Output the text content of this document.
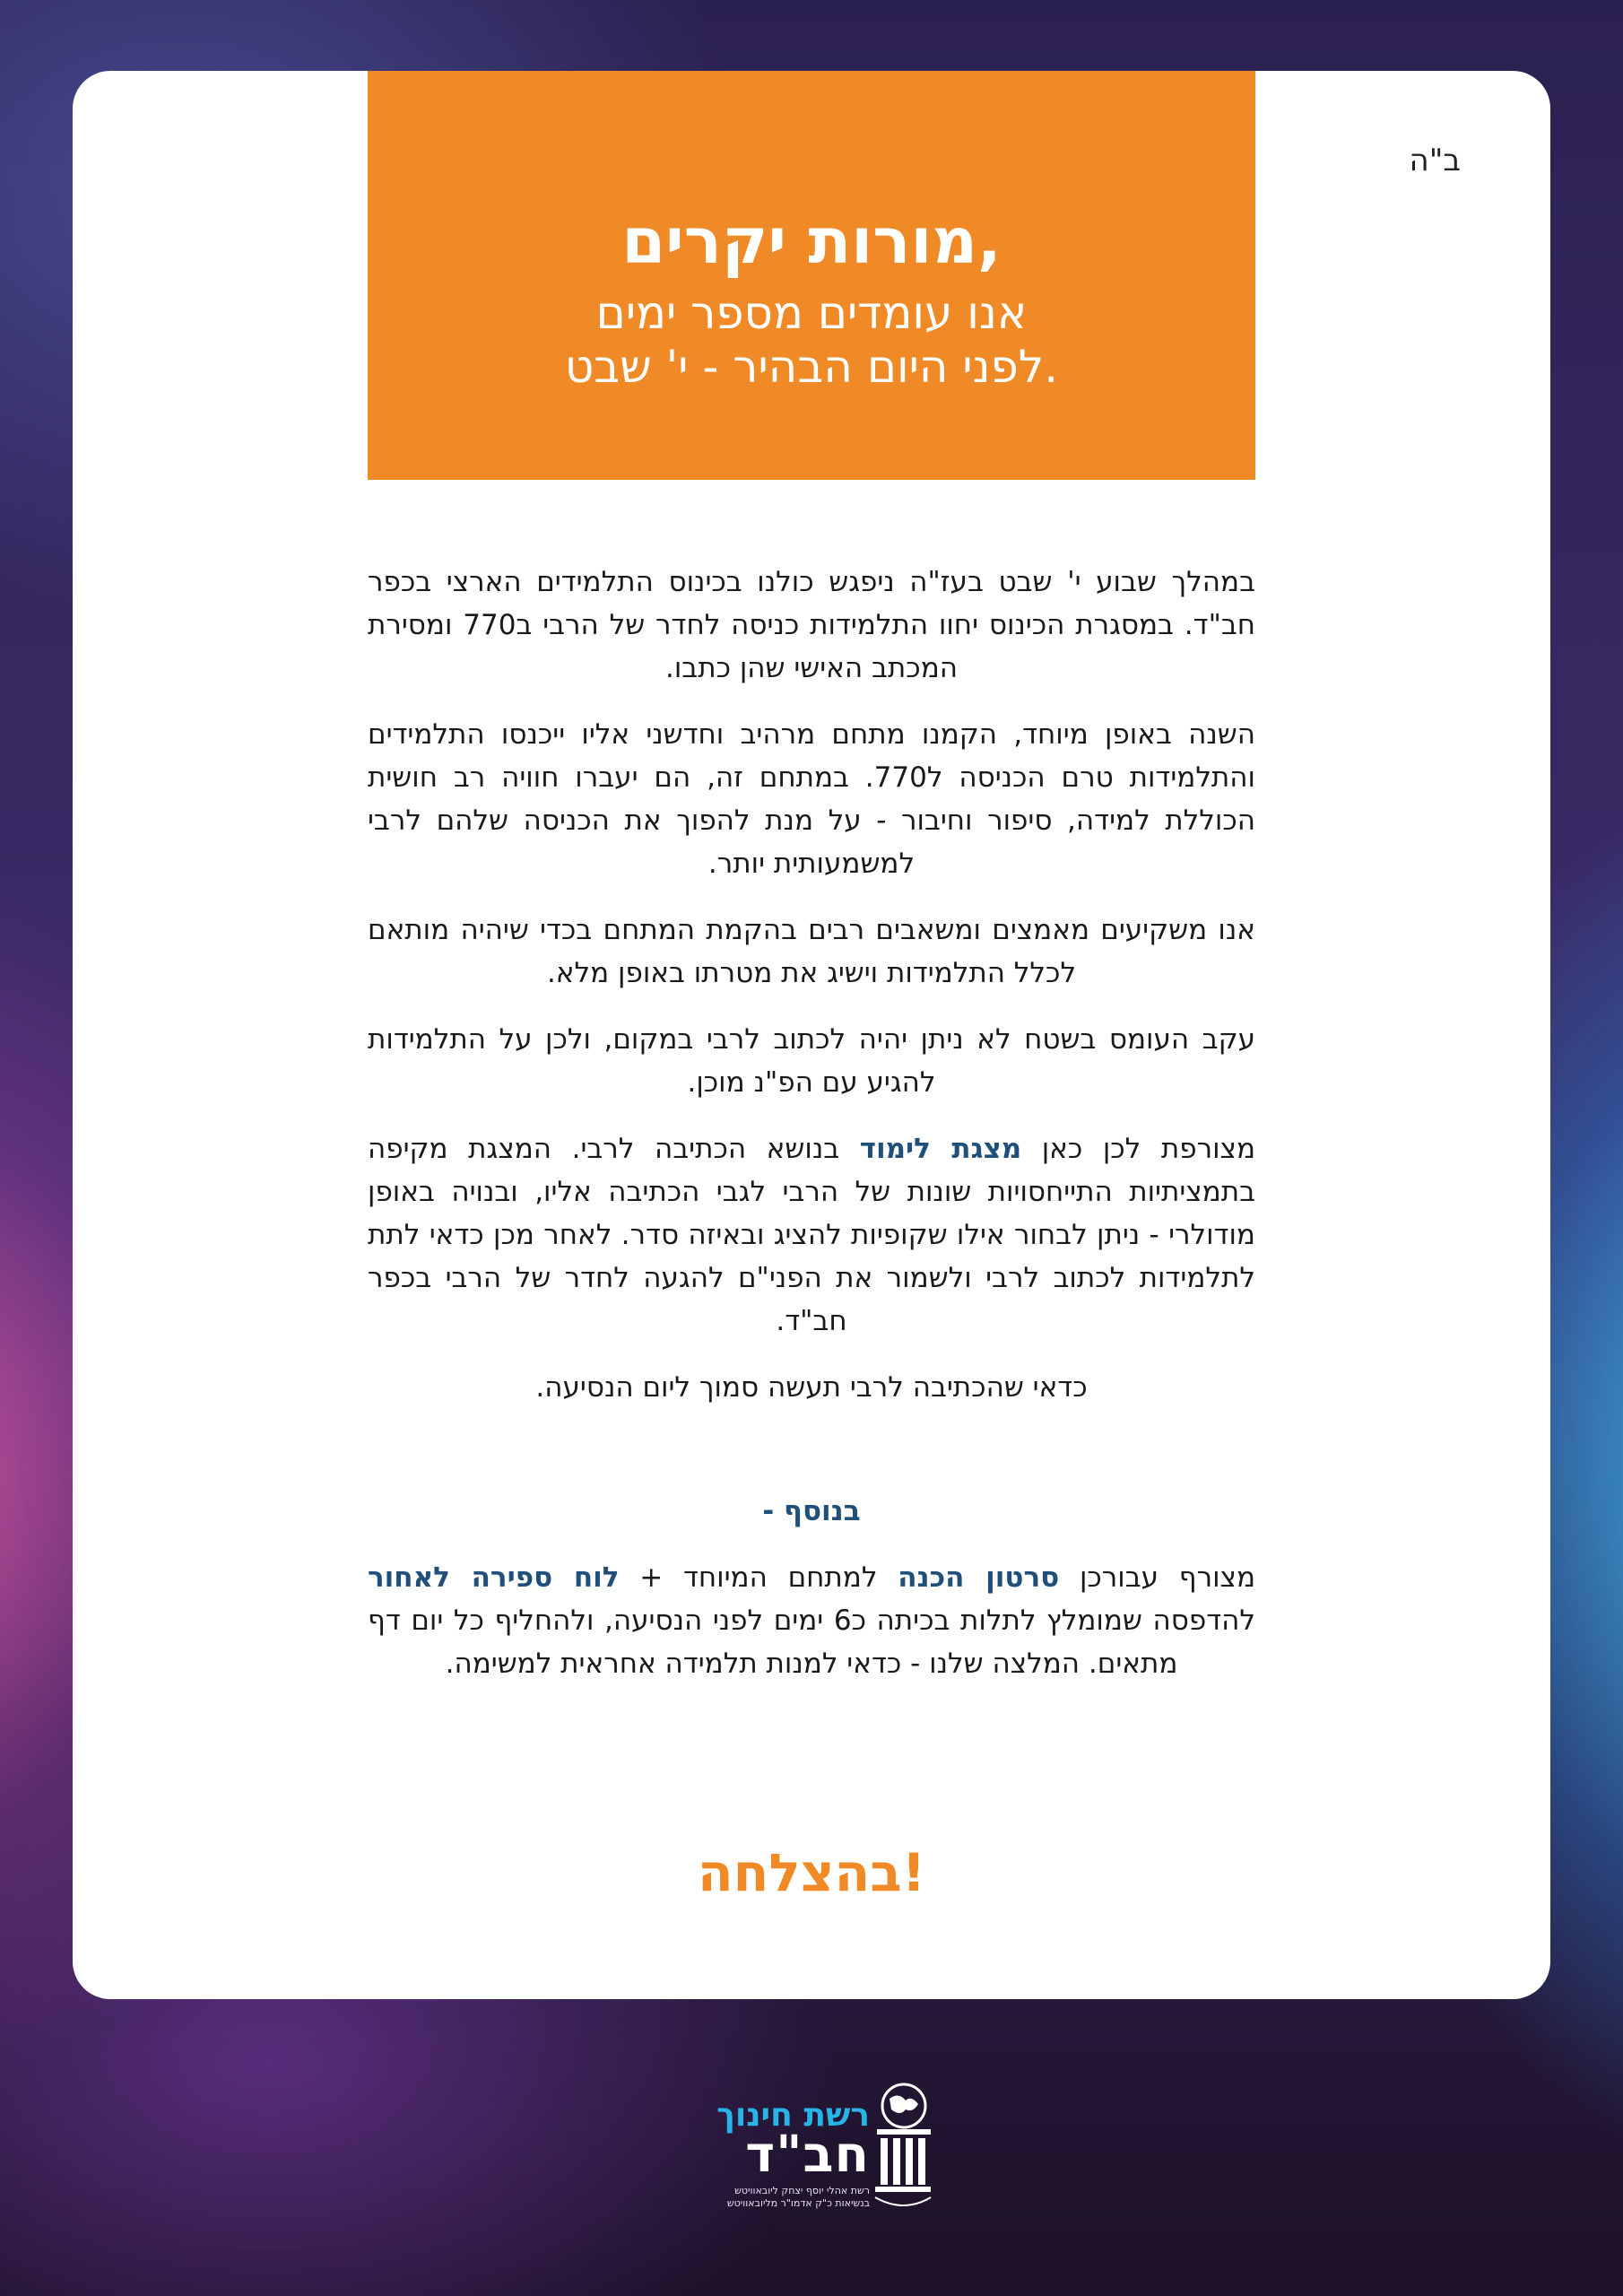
ב"ה
מורות יקרים,
אנו עומדים מספר ימים
לפני היום הבהיר - י' שבט.

במהלך שבוע י' שבט בעז"ה ניפגש כולנו בכינוס התלמידים הארצי בכפר חב"ד. במסגרת הכינוס יחוו התלמידות כניסה לחדר של הרבי ב770 ומסירת המכתב האישי שהן כתבו.

השנה באופן מיוחד, הקמנו מתחם מרהיב וחדשני אליו ייכנסו התלמידים והתלמידות טרם הכניסה ל770. במתחם זה, הם יעברו חוויה רב חושית הכוללת למידה, סיפור וחיבור - על מנת להפוך את הכניסה שלהם לרבי למשמעותית יותר.

אנו משקיעים מאמצים ומשאבים רבים בהקמת המתחם בכדי שיהיה מותאם לכלל התלמידות וישיג את מטרתו באופן מלא.

עקב העומס בשטח לא ניתן יהיה לכתוב לרבי במקום, ולכן על התלמידות להגיע עם הפ"נ מוכן.

מצורפת לכן כאן מצגת לימוד בנושא הכתיבה לרבי. המצגת מקיפה בתמציתיות התייחסויות שונות של הרבי לגבי הכתיבה אליו, ובנויה באופן מודולרי - ניתן לבחור אילו שקופיות להציג ובאיזה סדר. לאחר מכן כדאי לתת לתלמידות לכתוב לרבי ולשמור את הפני"ם להגעה לחדר של הרבי בכפר חב"ד.

כדאי שהכתיבה לרבי תעשה סמוך ליום הנסיעה.

בנוסף -

מצורף עבורכן סרטון הכנה למתחם המיוחד + לוח ספירה לאחור להדפסה שמומלץ לתלות בכיתה כ6 ימים לפני הנסיעה, ולהחליף כל יום דף מתאים. המלצה שלנו - כדאי למנות תלמידה אחראית למשימה.

בהצלחה!
רשת חינוך
חב"ד
רשת אהלי יוסף יצחק ליובאוויטש
בנשיאות כ"ק אדמו"ר מליובאוויטש
